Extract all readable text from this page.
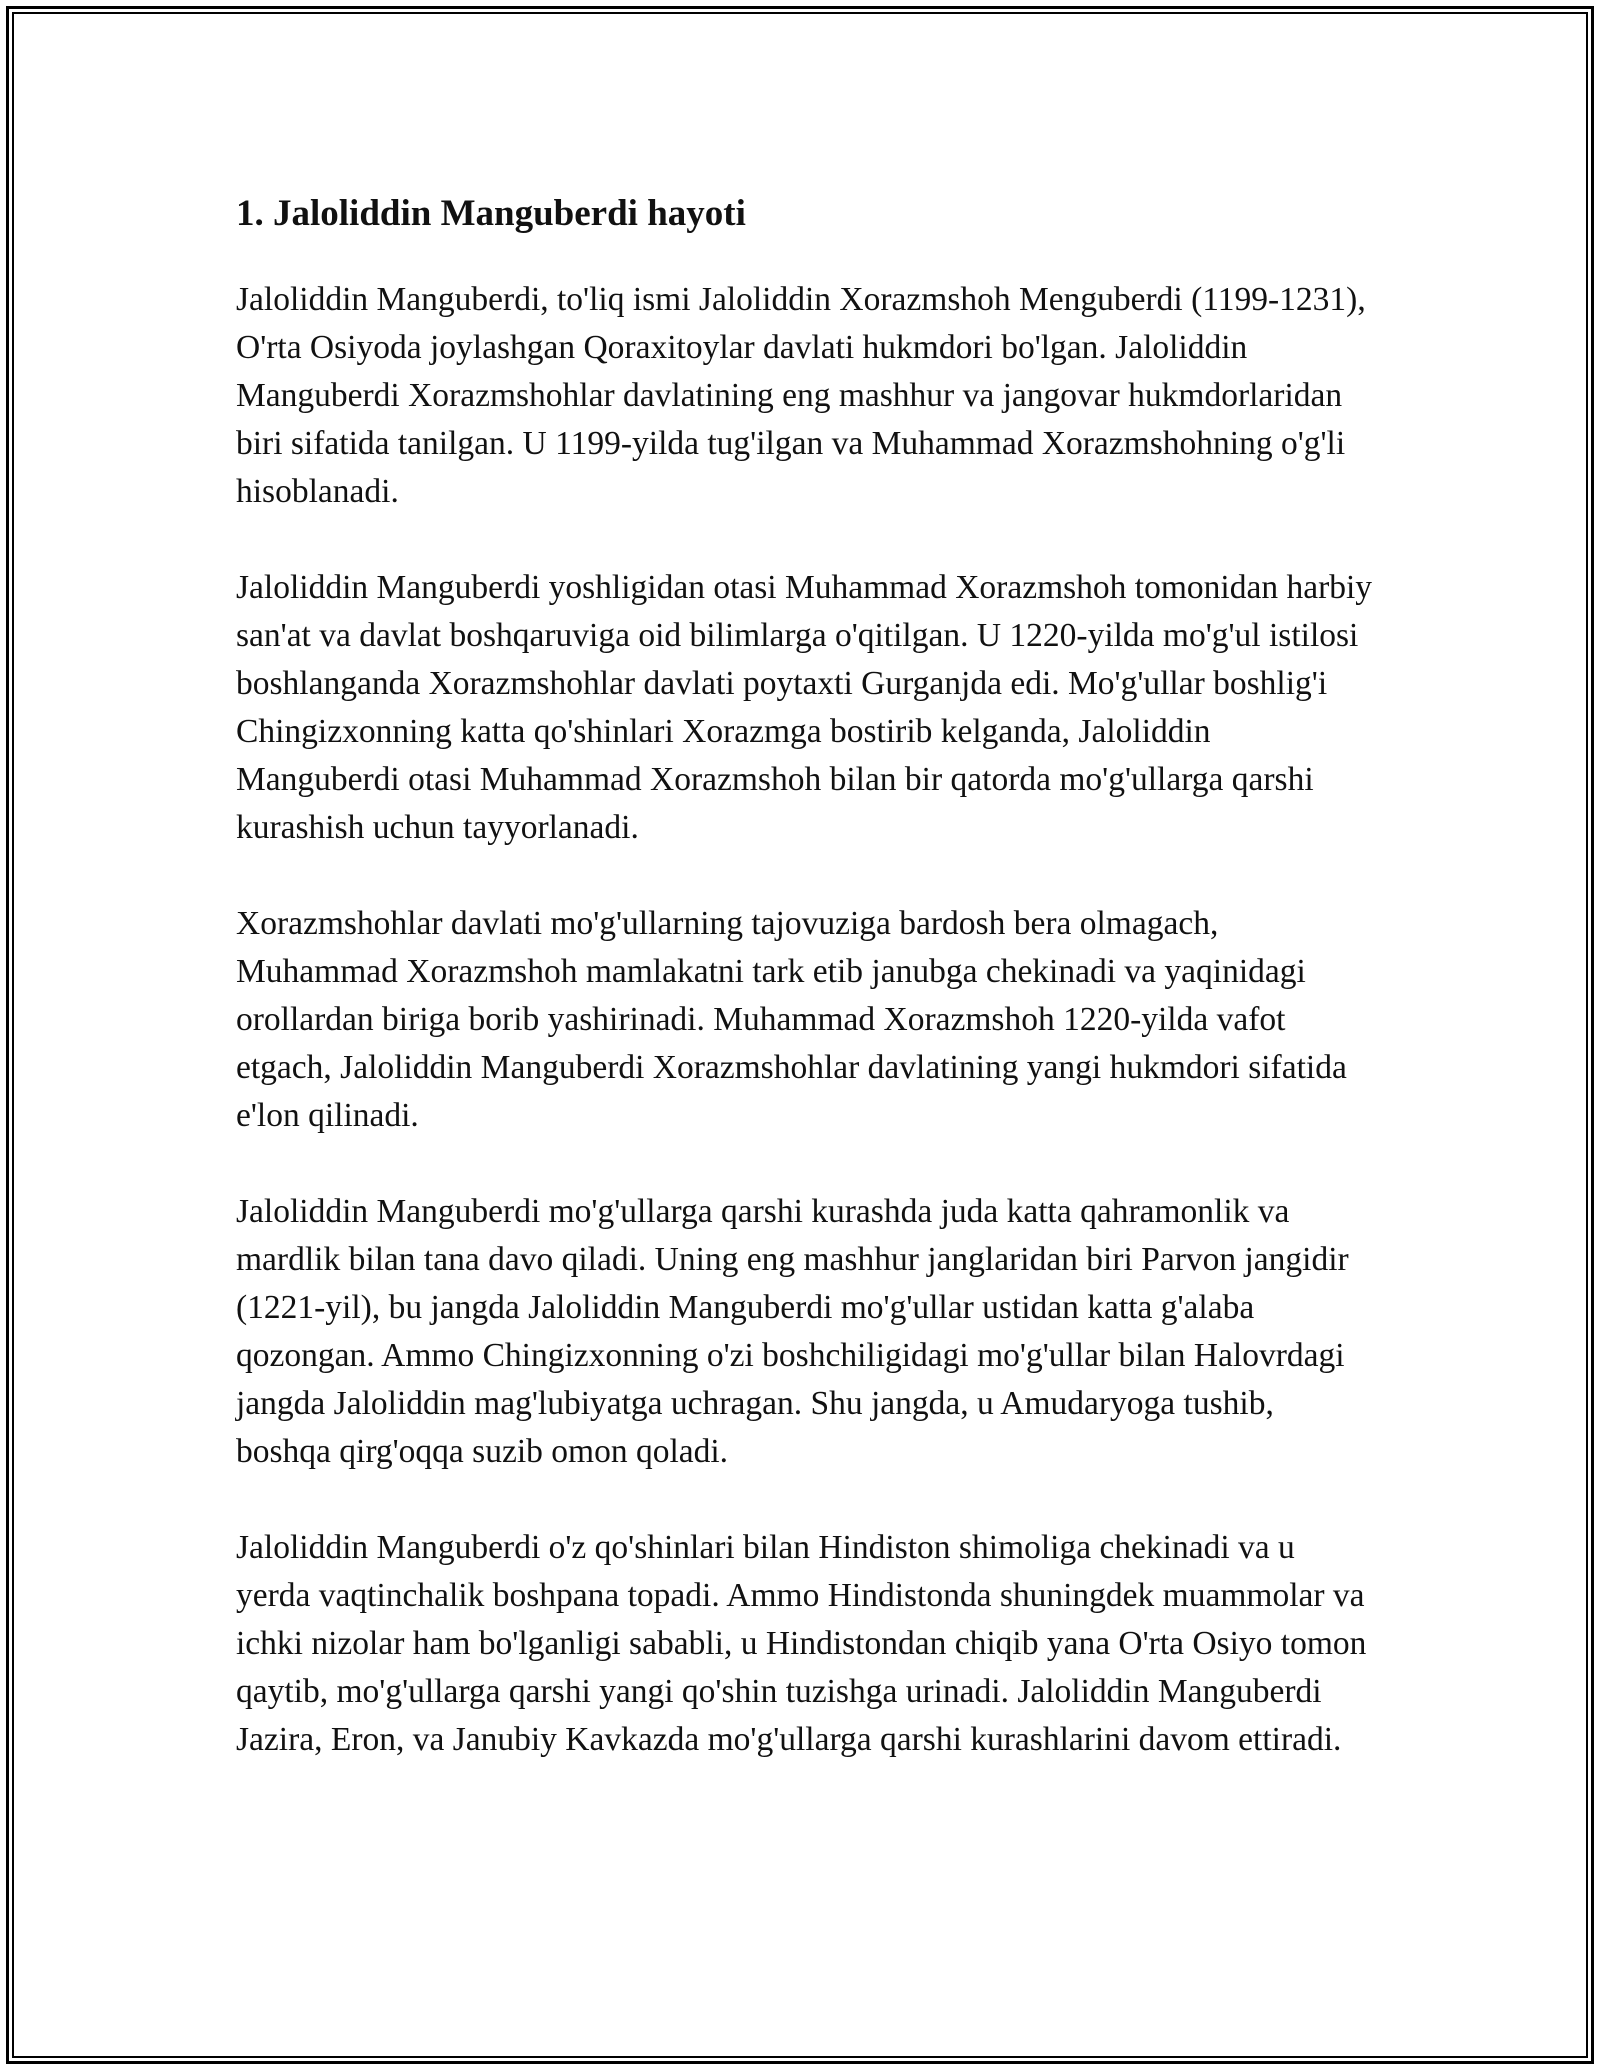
1. Jaloliddin Manguberdi hayoti

Jaloliddin Manguberdi, to'liq ismi Jaloliddin Xorazmshoh Menguberdi (1199-1231), O'rta Osiyoda joylashgan Qoraxitoylar davlati hukmdori bo'lgan. Jaloliddin Manguberdi Xorazmshohlar davlatining eng mashhur va jangovar hukmdorlaridan biri sifatida tanilgan. U 1199-yilda tug'ilgan va Muhammad Xorazmshohning o'g'li hisoblanadi.

Jaloliddin Manguberdi yoshligidan otasi Muhammad Xorazmshoh tomonidan harbiy san'at va davlat boshqaruviga oid bilimlarga o'qitilgan. U 1220-yilda mo'g'ul istilosi boshlanganda Xorazmshohlar davlati poytaxti Gurganjda edi. Mo'g'ullar boshlig'i Chingizxonning katta qo'shinlari Xorazmga bostirib kelganda, Jaloliddin Manguberdi otasi Muhammad Xorazmshoh bilan bir qatorda mo'g'ullarga qarshi kurashish uchun tayyorlanadi.

Xorazmshohlar davlati mo'g'ullarning tajovuziga bardosh bera olmagach, Muhammad Xorazmshoh mamlakatni tark etib janubga chekinadi va yaqinidagi orollardan biriga borib yashirinadi. Muhammad Xorazmshoh 1220-yilda vafot etgach, Jaloliddin Manguberdi Xorazmshohlar davlatining yangi hukmdori sifatida e'lon qilinadi.

Jaloliddin Manguberdi mo'g'ullarga qarshi kurashda juda katta qahramonlik va mardlik bilan tana davo qiladi. Uning eng mashhur janglaridan biri Parvon jangidir (1221-yil), bu jangda Jaloliddin Manguberdi mo'g'ullar ustidan katta g'alaba qozongan. Ammo Chingizxonning o'zi boshchiligidagi mo'g'ullar bilan Halovrdagi jangda Jaloliddin mag'lubiyatga uchragan. Shu jangda, u Amudaryoga tushib, boshqa qirg'oqqa suzib omon qoladi.

Jaloliddin Manguberdi o'z qo'shinlari bilan Hindiston shimoliga chekinadi va u yerda vaqtinchalik boshpana topadi. Ammo Hindistonda shuningdek muammolar va ichki nizolar ham bo'lganligi sababli, u Hindistondan chiqib yana O'rta Osiyo tomon qaytib, mo'g'ullarga qarshi yangi qo'shin tuzishga urinadi. Jaloliddin Manguberdi Jazira, Eron, va Janubiy Kavkazda mo'g'ullarga qarshi kurashlarini davom ettiradi.
